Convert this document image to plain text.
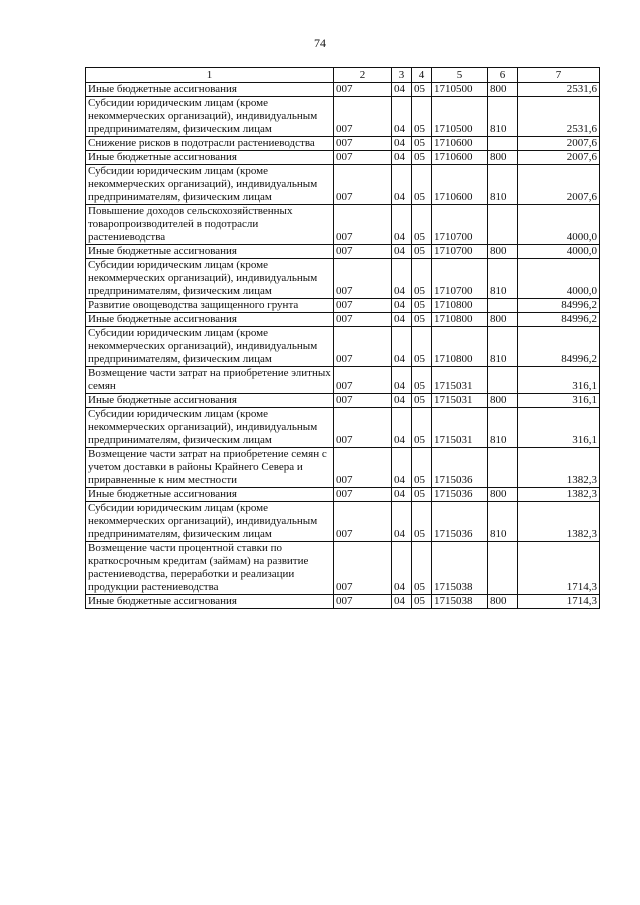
74
1	2	3	4	5	6	7
Иные бюджетные ассигнования	007	04	05	1710500	800	2531,6
Субсидии юридическим лицам (кроме некоммерческих организаций), индивидуальным предпринимателям, физическим лицам	007	04	05	1710500	810	2531,6
Снижение рисков в подотрасли растениеводства	007	04	05	1710600		2007,6
Иные бюджетные ассигнования	007	04	05	1710600	800	2007,6
Субсидии юридическим лицам (кроме некоммерческих организаций), индивидуальным предпринимателям, физическим лицам	007	04	05	1710600	810	2007,6
Повышение доходов сельскохозяйственных товаропроизводителей в подотрасли растениеводства	007	04	05	1710700		4000,0
Иные бюджетные ассигнования	007	04	05	1710700	800	4000,0
Субсидии юридическим лицам (кроме некоммерческих организаций), индивидуальным предпринимателям, физическим лицам	007	04	05	1710700	810	4000,0
Развитие овощеводства защищенного грунта	007	04	05	1710800		84996,2
Иные бюджетные ассигнования	007	04	05	1710800	800	84996,2
Субсидии юридическим лицам (кроме некоммерческих организаций), индивидуальным предпринимателям, физическим лицам	007	04	05	1710800	810	84996,2
Возмещение части затрат на приобретение элитных семян	007	04	05	1715031		316,1
Иные бюджетные ассигнования	007	04	05	1715031	800	316,1
Субсидии юридическим лицам (кроме некоммерческих организаций), индивидуальным предпринимателям, физическим лицам	007	04	05	1715031	810	316,1
Возмещение части затрат на приобретение семян с учетом доставки в районы Крайнего Севера и приравненные к ним местности	007	04	05	1715036		1382,3
Иные бюджетные ассигнования	007	04	05	1715036	800	1382,3
Субсидии юридическим лицам (кроме некоммерческих организаций), индивидуальным предпринимателям, физическим лицам	007	04	05	1715036	810	1382,3
Возмещение части процентной ставки по краткосрочным кредитам (займам) на развитие растениеводства, переработки и реализации продукции растениеводства	007	04	05	1715038		1714,3
Иные бюджетные ассигнования	007	04	05	1715038	800	1714,3
